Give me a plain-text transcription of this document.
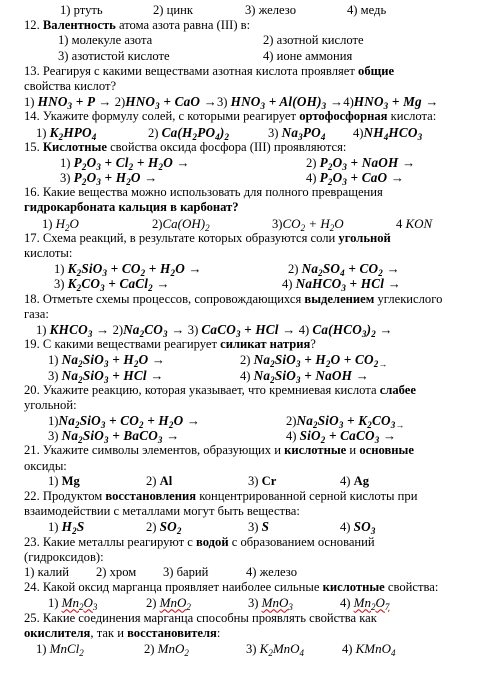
1) ртуть	2) цинк	3) железо	4) медь
12. Валентность атома азота равна (III) в:
1) молекуле азота	2) азотной кислоте
3) азотистой кислоте	4) ионе аммония
13. Реагируя с какими веществами азотная кислота проявляет общие
свойства кислот?
1) $HNO_3 + P \to 2)HNO_3$ + CaO →3) $HNO_3 + Al(OH)_3 \to 4)HNO_3 + Mg$ →
14. Укажите формулу солей, с которыми реагирует ортофосфорная кислота:
1) $K_2HPO_4$	2) $Ca(H_2PO_4)_2$	3) $Na_3PO_4$ $4)NH_4HCO_3$
15. Кислотные свойства оксида фосфора (III) проявляются:
1) $P_2O_3 + Cl_2 + H_2O$ →	2) $P_2O_3$ + NaOH →
3) $P_2O_3 + H_2O$ →	4) $P_2O_3$ + CaO →
16. Какие вещества можно использовать для полного превращения
гидрокарбоната кальция в карбонат?
1) $H_2O$	$2)Ca(OH)_2$	$3)CO_2 + H_2O$	4 KON
17. Схема реакций, в результате которых образуются соли угольной
кислоты:
1) $K_2SiO_3 + CO_2 + H_2O$ →	2) $Na_2SO_4 + CO_2$ →
3) $K_2CO_3$ + CaCl$_2$ →	4) NaHCO$_3$ + HCl →
18. Отметьте схемы процессов, сопровождающихся выделением углекислого
газа:
1) $KHCO_3 \to 2)Na_2CO_3 \to 3$) CaCO$_3$ + HCl → 4) $Ca(HCO_3)_2$ →
19. С какими веществами реагирует силикат натрия?
1) $Na_2SiO_3 + H_2O$ →	2) $Na_2SiO_3 + H_2O + CO_{2\to}$
3) $Na_2SiO_3$ + HCl →	4) $Na_2SiO_3$ + NaOH →
20. Укажите реакцию, которая указывает, что кремниевая кислота слабее
угольной:
$1)Na_2SiO_3 + CO_2 + H_2O$ →	$2)Na_2SiO_3 + K_2CO_{3\to}$
3) $Na_2SiO_3$ + BaCO$_3$ →	4) SiO$_2$ + CaCO$_3$ →
21. Укажите символы элементов, образующих и кислотные и основные
оксиды:
1) Mg	2) Al	3) Cr	4) Ag
22. Продуктом восстановления концентрированной серной кислоты при
взаимодействии с металлами могут быть вещества:
1) $H_2S$	2) $SO_2$	3) S	4) $SO_3$
23. Какие металлы реагируют с водой с образованием оснований
(гидроксидов):
1) калий 2) хром 3) барий	4) железо
24. Какой оксид марганца проявляет наиболее сильные кислотные свойства:
1) $Mn_2O_3$	2) MnO$_2$	3) MnO$_3$	4) $Mn_2O_7$
25. Какие соединения марганца способны проявлять свойства как
окислителя, так и восстановителя:
1) MnCl$_2$	2) MnO$_2$	3) $K_2MnO_4$	4) KMnO$_4$
